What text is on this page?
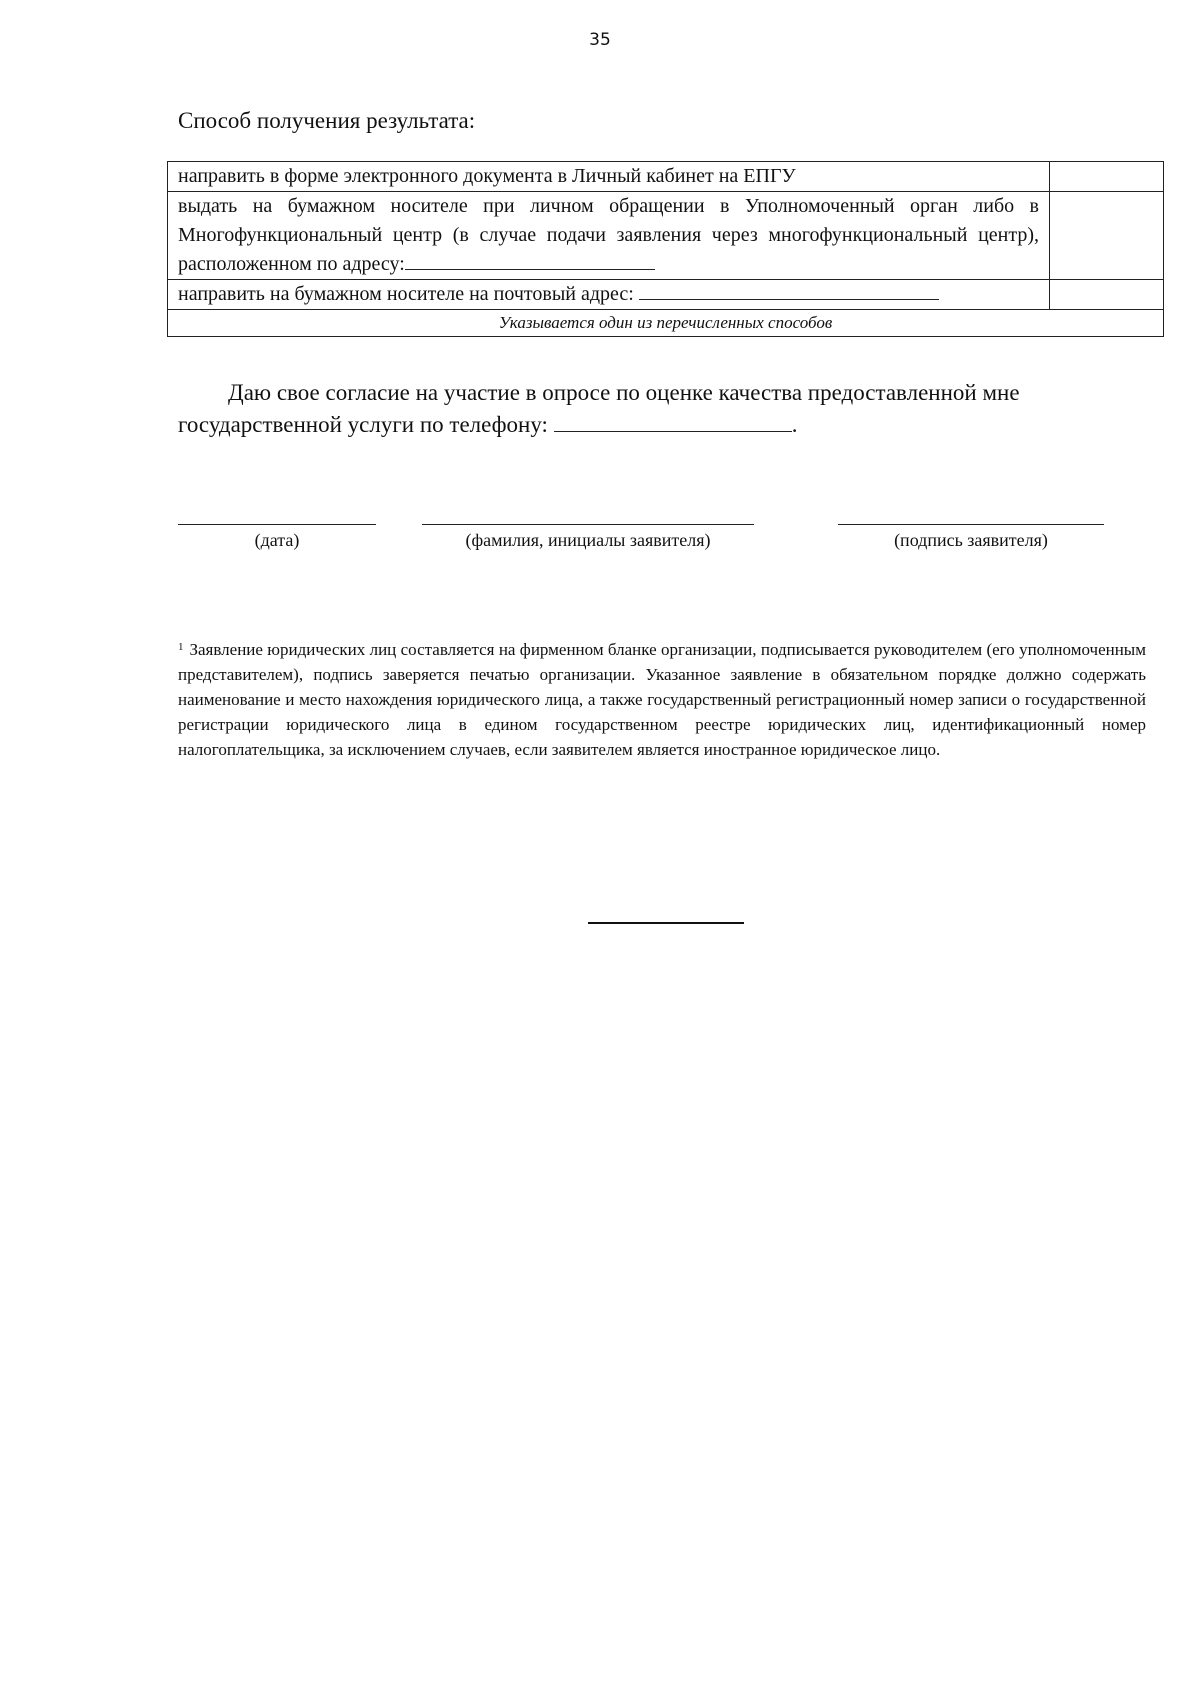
35
Способ получения результата:
направить в форме электронного документа в Личный кабинет на ЕПГУ	
выдать на бумажном носителе при личном обращении в Уполномоченный орган либо в Многофункциональный центр (в случае подачи заявления через многофункциональный центр), расположенном по адресу:	
направить на бумажном носителе на почтовый адрес:	
Указывается один из перечисленных способов	
Даю свое согласие на участие в опросе по оценке качества предоставленной мне
государственной услуги по телефону:	.
(дата)	(фамилия, инициалы заявителя)	(подпись заявителя)
$^1$ Заявление юридических лиц составляется на фирменном бланке организации, подписывается руководителем (его уполномоченным представителем), подпись заверяется печатью организации. Указанное заявление в обязательном порядке должно содержать наименование и место нахождения юридического лица, а также государственный регистрационный номер записи о государственной регистрации юридического лица в едином государственном реестре юридических лиц, идентификационный номер налогоплательщика, за исключением случаев, если заявителем является иностранное юридическое лицо.
